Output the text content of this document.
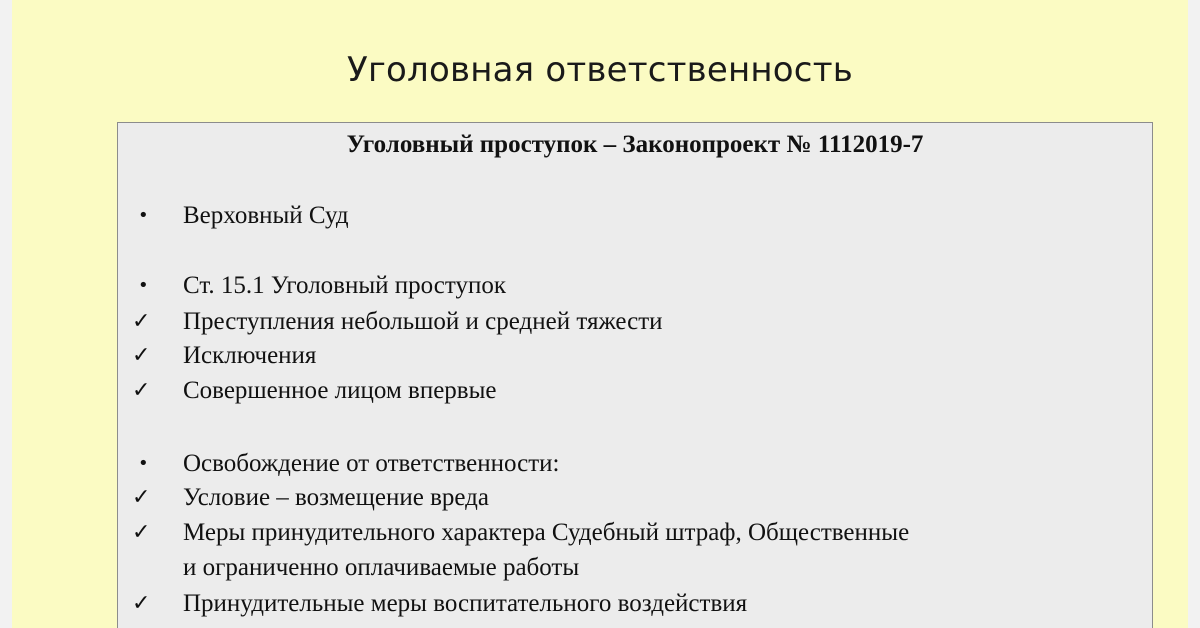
Уголовная ответственность
Уголовный проступок – Законопроект № 1112019-7
•	Верховный Суд
•	Ст. 15.1 Уголовный проступок
✓	Преступления небольшой и средней тяжести
✓	Исключения
✓	Совершенное лицом впервые
•	Освобождение от ответственности:
✓	Условие – возмещение вреда
✓	Меры принудительного характера Судебный штраф, Общественные
и ограниченно оплачиваемые работы
✓	Принудительные меры воспитательного воздействия
